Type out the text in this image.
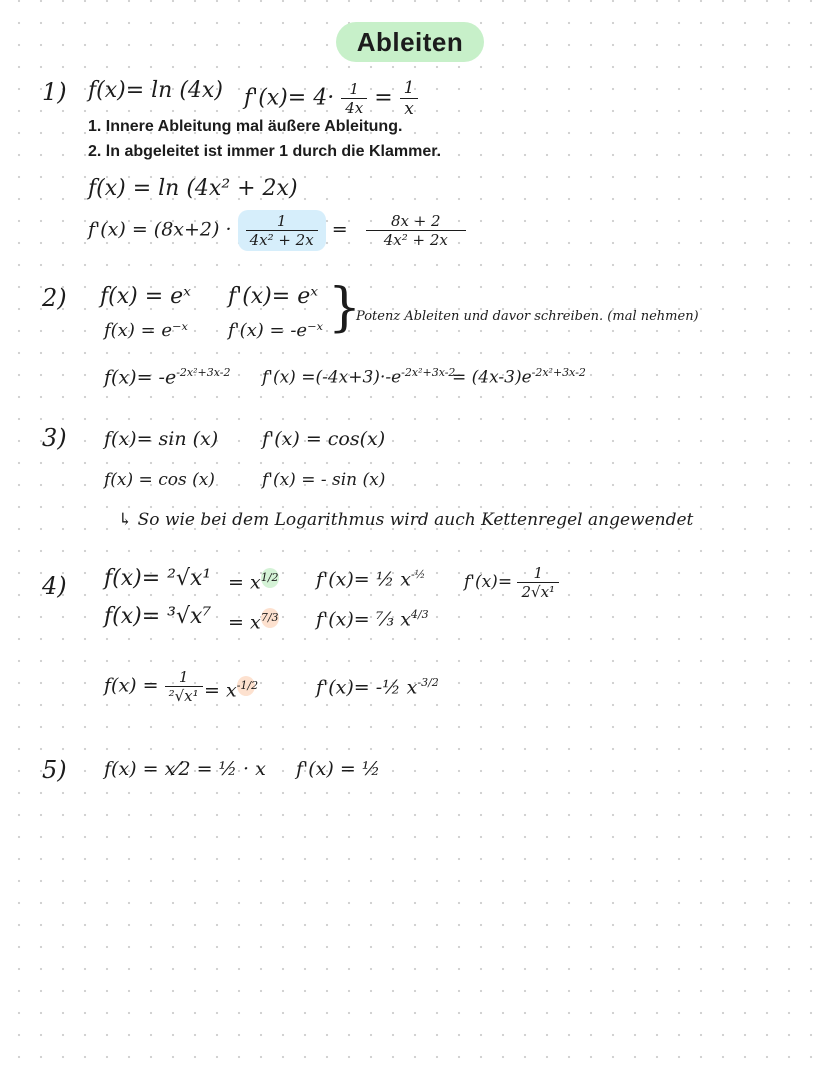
Ableiten
1) f(x)= ln (4x) $f'(x)= 4\cdot \frac{1}{4x} = \frac{1}{x}$
1. Innere Ableitung mal äußere Ableitung.
2. ln abgeleitet ist immer 1 durch die Klammer.
f(x) = ln (4x² + 2x)
$f'(x) = (8x+2) \cdot \frac{1}{\text{4x² + 2x}} = \frac{8x + 2}{\text{4x² + 2x}}$
2) f(x) = eˣ f'(x)= eˣ
f(x) = e⁻ˣ f'(x) = -e⁻ˣ }
Potenz Ableiten und davor schreiben. (mal nehmen)
$f(x)= -e^{-2x^2+3x-2}$ $f'(x) =(-4x+3)\cdot-e^{-2x^2+3x-2}$
= $(4x-3)e^{-2x^2+3x-2}$
3) f(x)= sin (x) f'(x) = cos(x)
f(x) = cos (x)	f'(x) = - sin (x)
↳ So wie bei dem Logarithmus wird auch Kettenregel angewendet
4) $f(x)= ^2√x^1 = x^{1/2}$ f'(x)= ½ $x^{-\frac{1}{2}}$ $f'(x)= \frac{1}{\text{2√x¹}}$
$f(x)= ^3√x^7 = x^{7/3}$ f'(x)= ⁷⁄₃ $x^{4/3}$
$f(x) = \frac{1}{\text{²√x¹}} = x^{-1/2}$	f'(x)= -½ $x^{-3/2}$
5) f(x) = x⁄2 = ½ · x f'(x) = ½
